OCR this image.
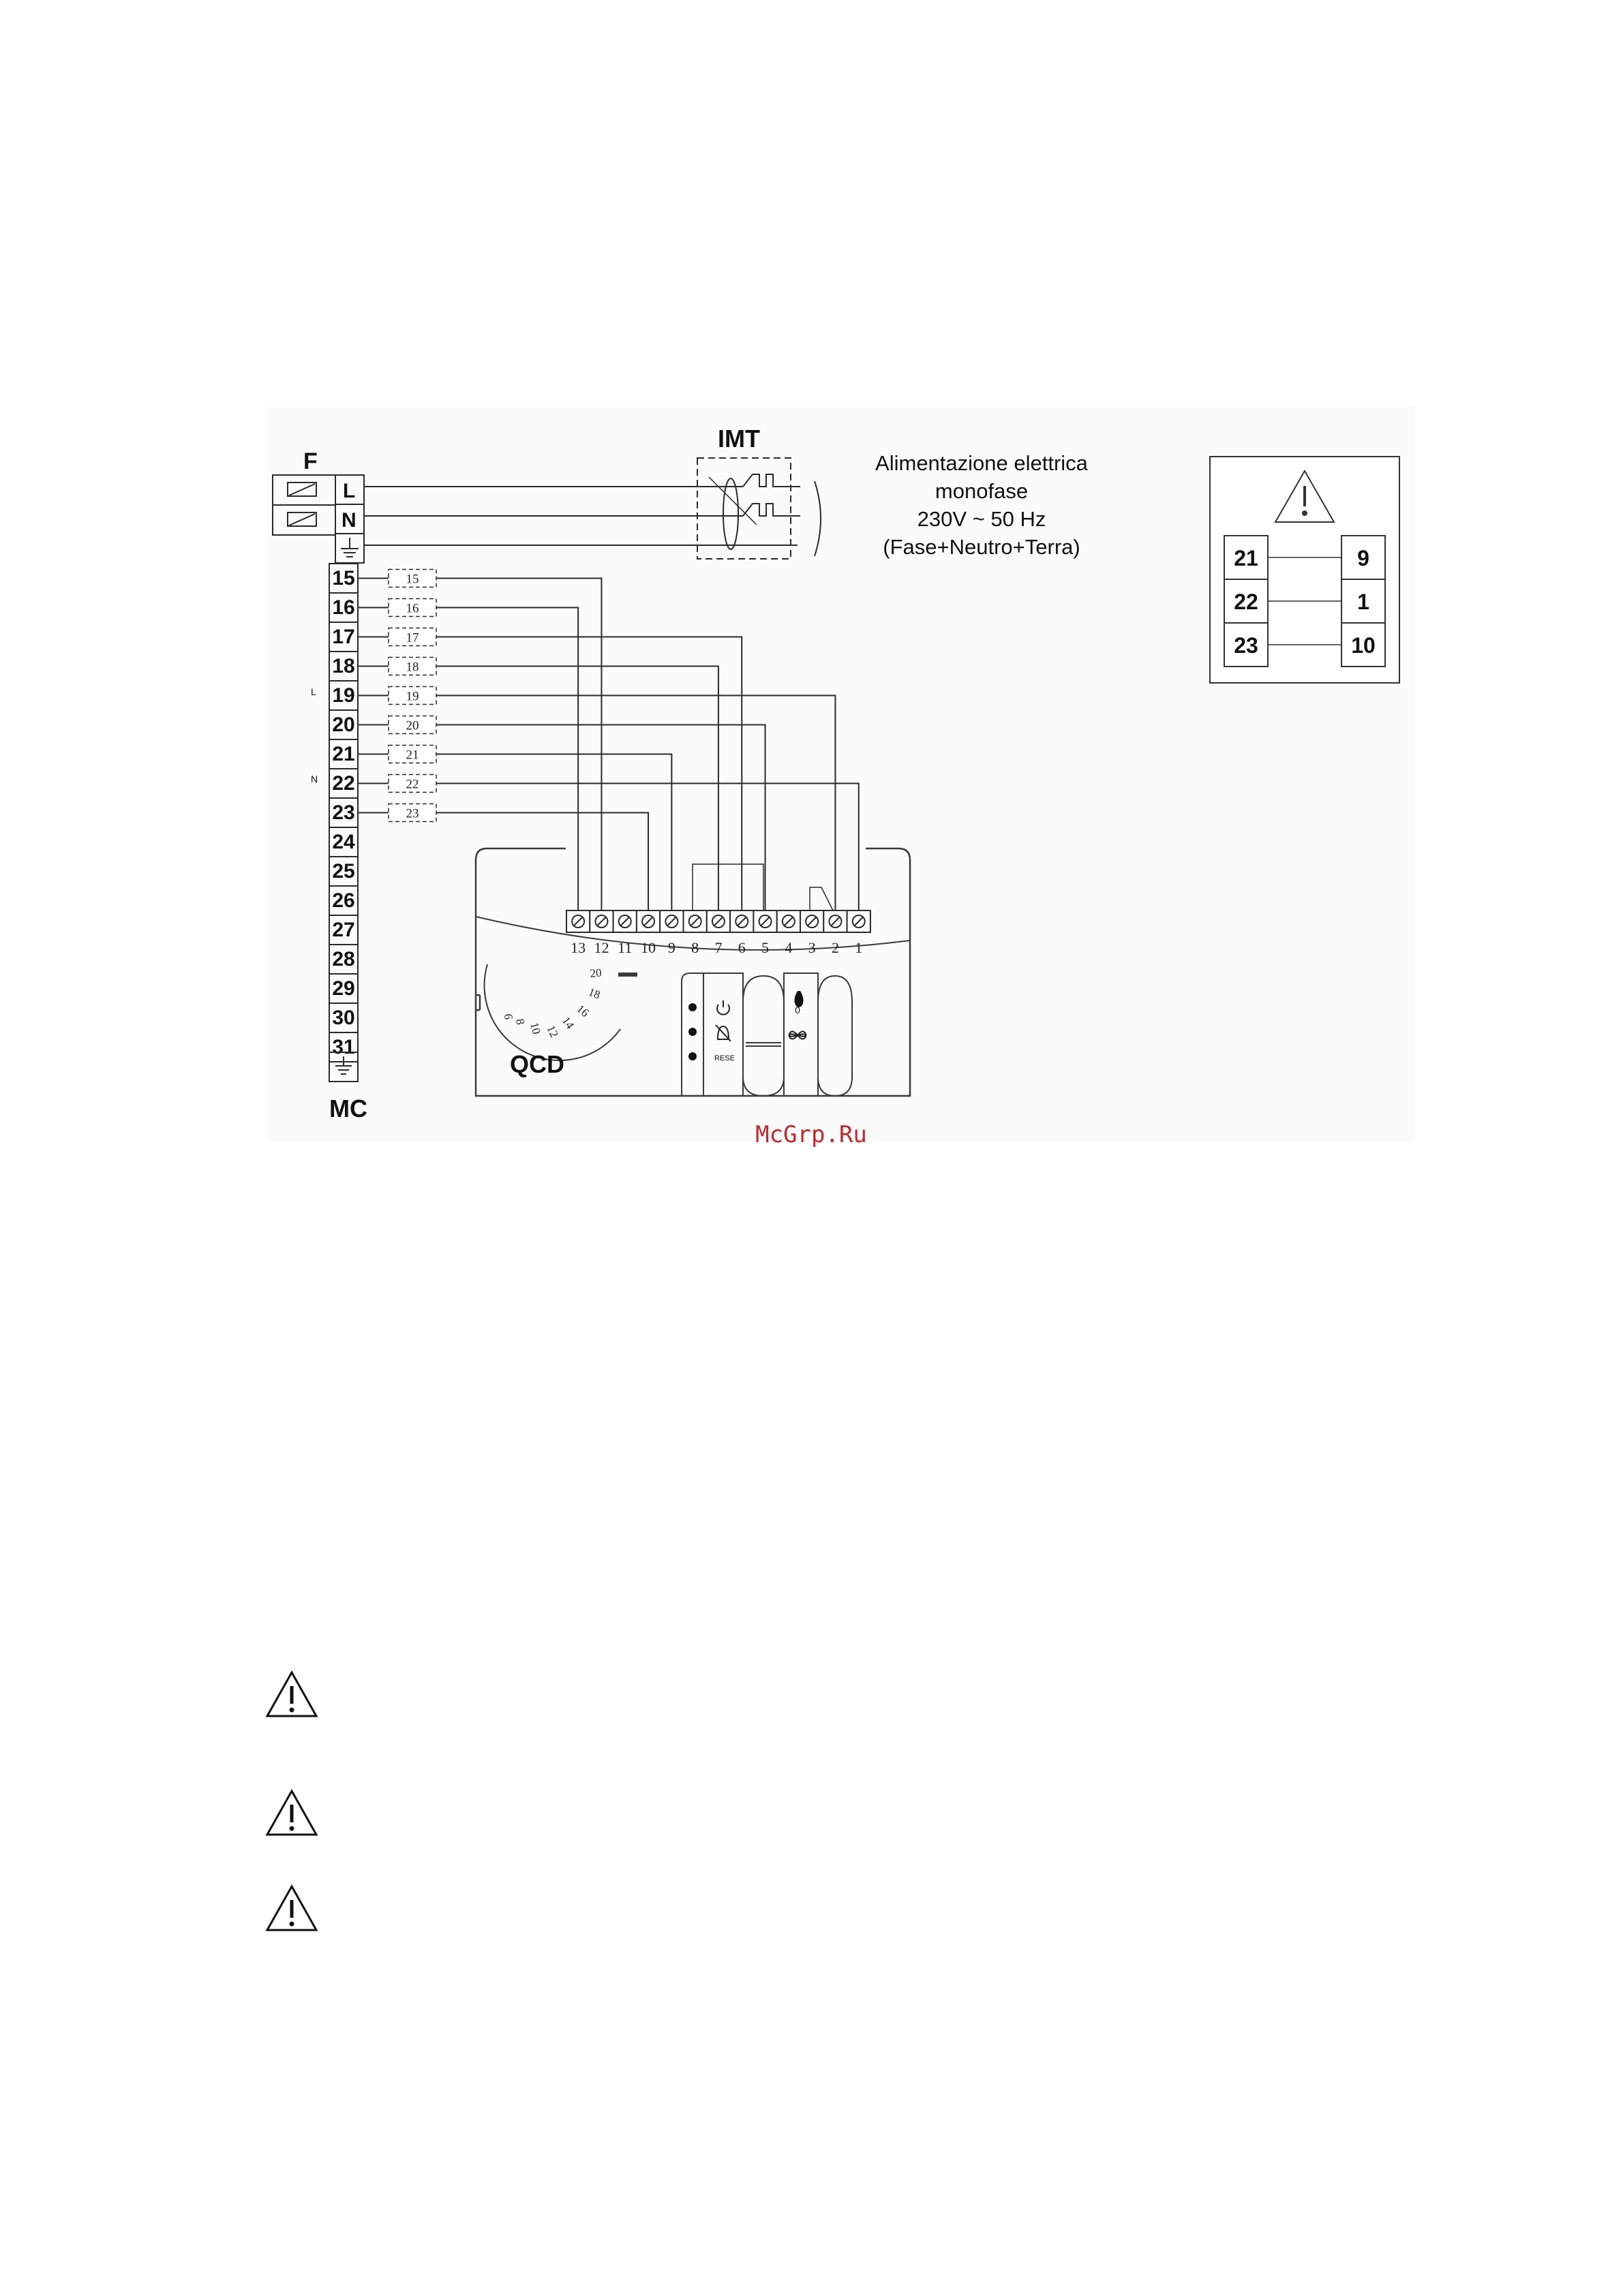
F
L
N
IMT
Alimentazione elettrica
monofase
230V ~ 50 Hz
(Fase+Neutro+Terra)	21
22
23
9
1
10
15
16
17
18
19
20
21
22
23
24
25
26
27
28
29
30
31
MC
L
N
15
16
17
18
19
20
21
22
23
QCD
20
18
16
14
12
10
8
6
RESE
0
13 12 11 10 9 8 7 6 5 4 3 2 1
McGrp.Ru
